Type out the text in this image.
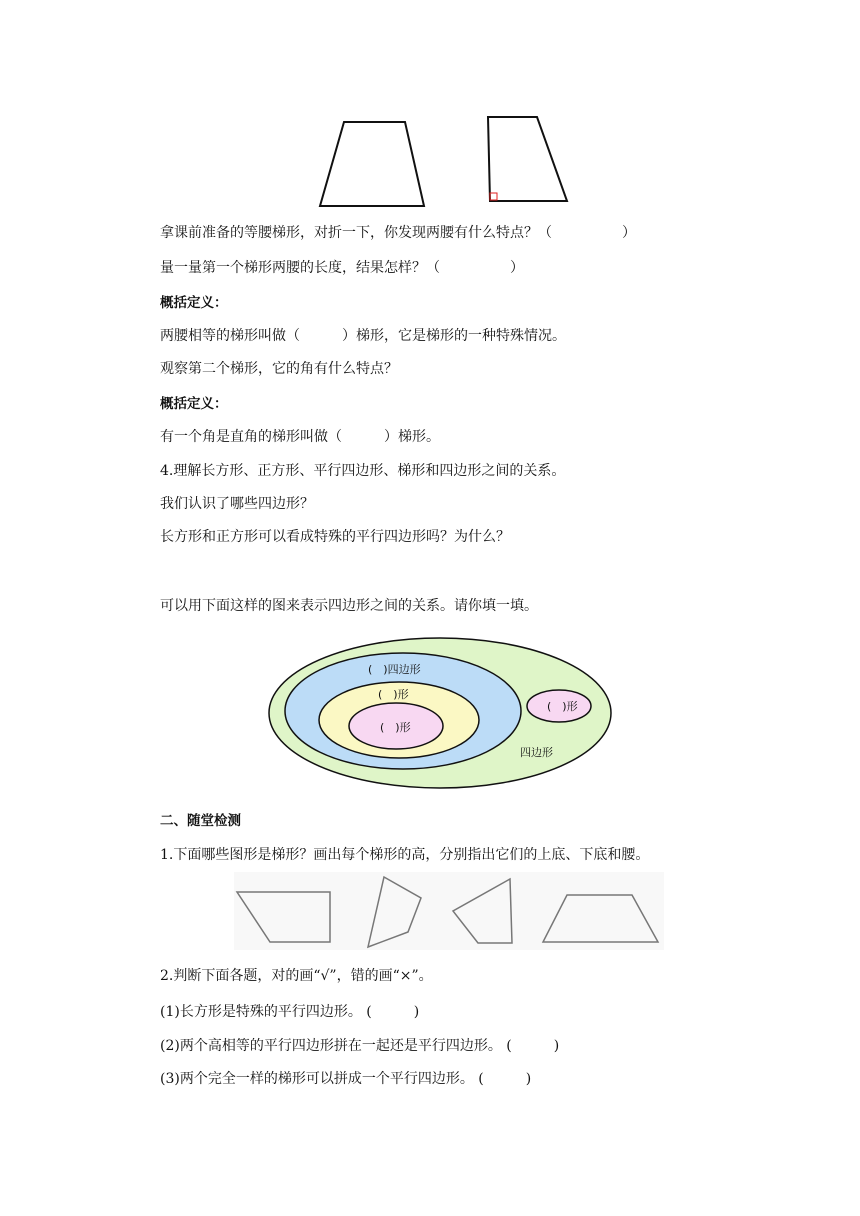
拿课前准备的等腰梯形，对折一下，你发现两腰有什么特点？（　　　　　）
量一量第一个梯形两腰的长度，结果怎样？（　　　　　）
概括定义：
两腰相等的梯形叫做（　　　）梯形，它是梯形的一种特殊情况。
观察第二个梯形，它的角有什么特点？
概括定义：
有一个角是直角的梯形叫做（　　　）梯形。
4.理解长方形、正方形、平行四边形、梯形和四边形之间的关系。
我们认识了哪些四边形？
长方形和正方形可以看成特殊的平行四边形吗？为什么？
可以用下面这样的图来表示四边形之间的关系。请你填一填。
(　)四边形
(　)形
(　)形
(　)形
四边形
二、随堂检测
1.下面哪些图形是梯形？画出每个梯形的高，分别指出它们的上底、下底和腰。
2.判断下面各题，对的画“√”，错的画“×”。
(1)长方形是特殊的平行四边形。 (　　　)
(2)两个高相等的平行四边形拼在一起还是平行四边形。 (　　　)
(3)两个完全一样的梯形可以拼成一个平行四边形。 (　　　)
